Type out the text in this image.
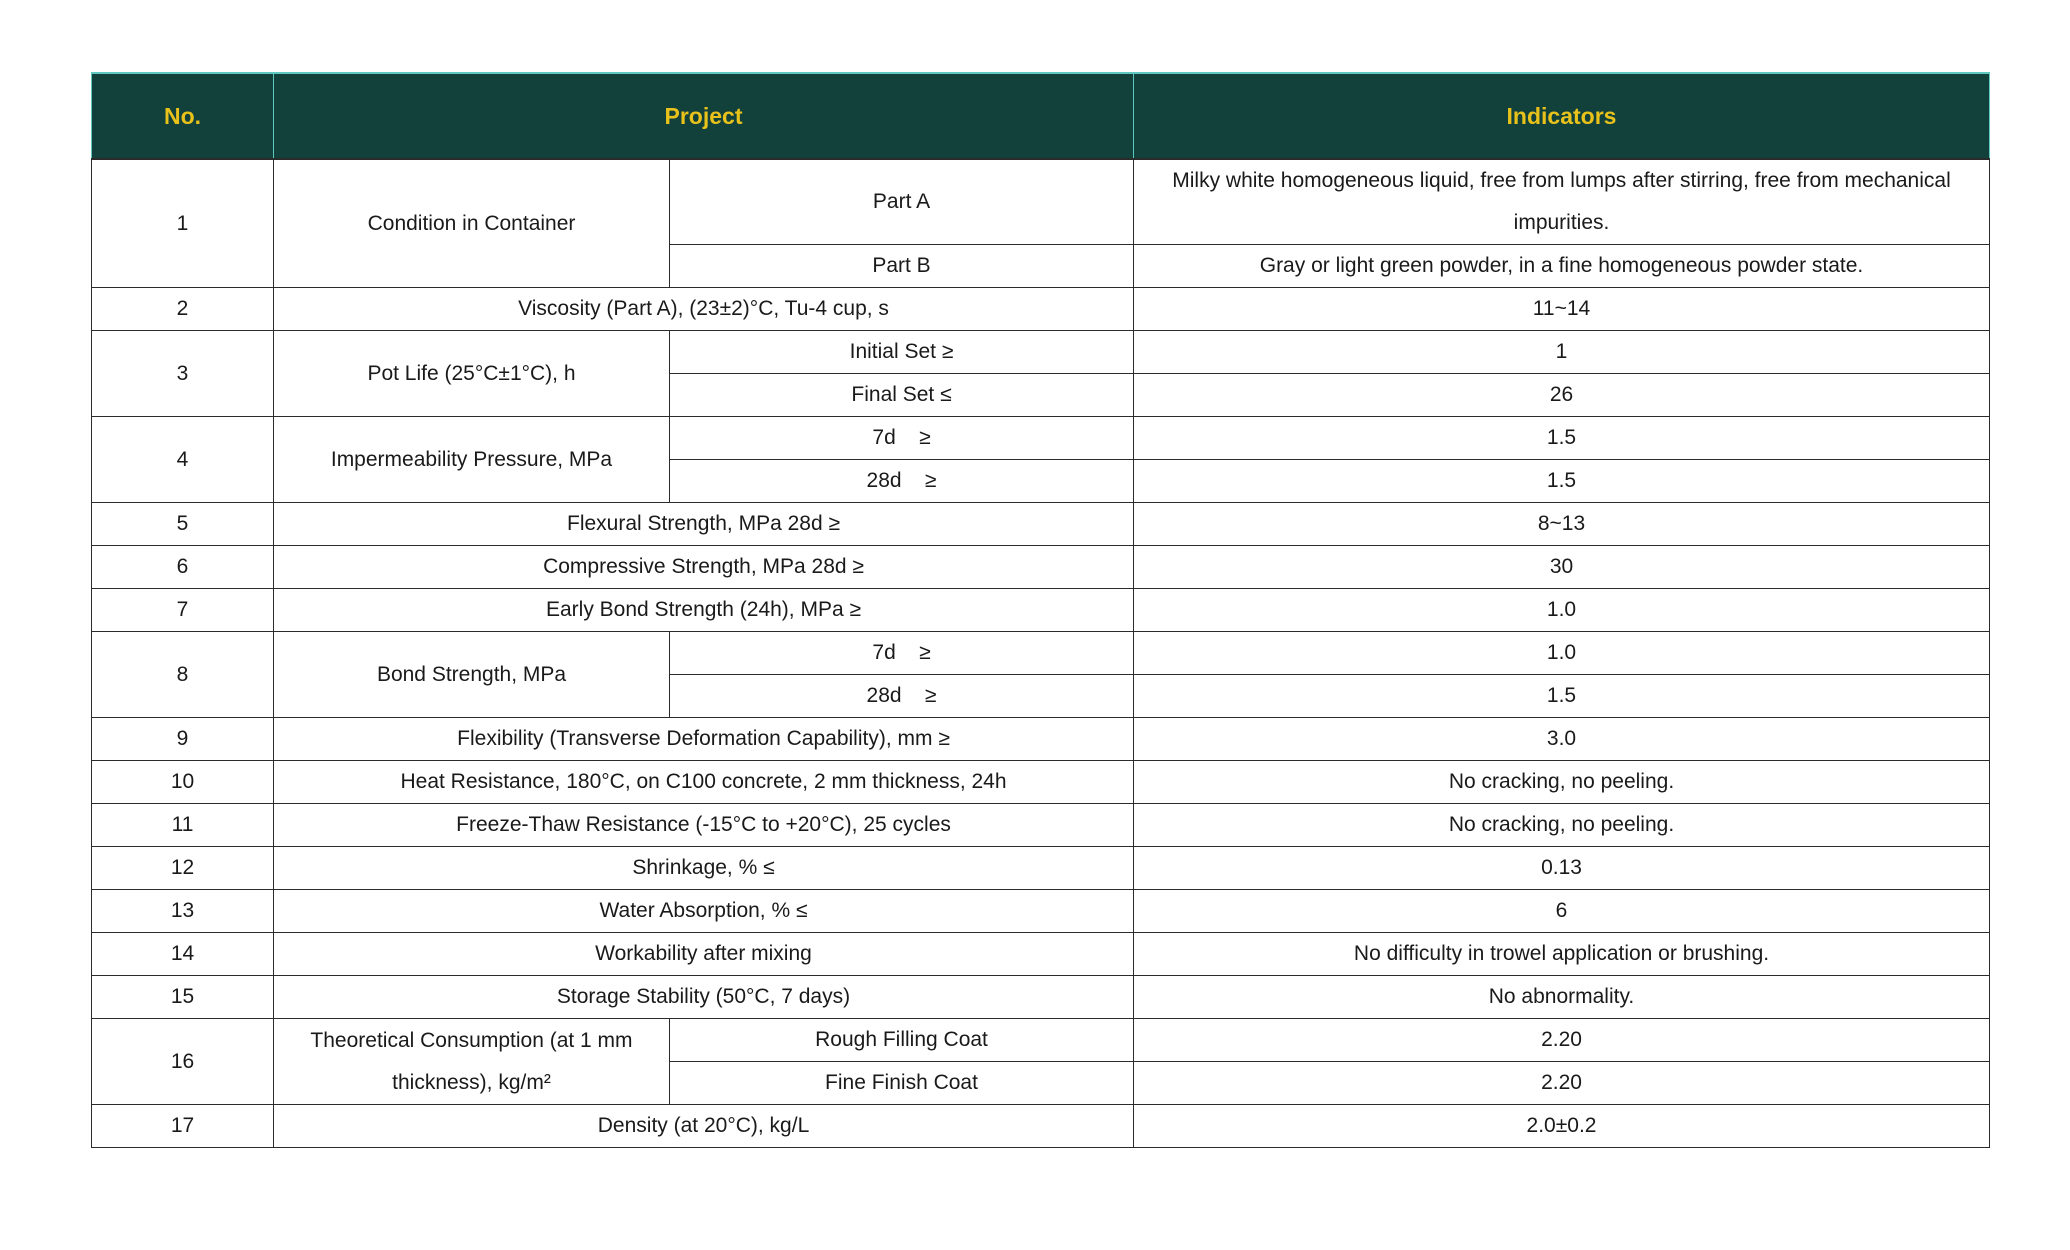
No.	Project		Indicators
1	Condition in Container	Part A	Milky white homogeneous liquid, free from lumps after stirring, free from mechanical impurities.
		Part B	Gray or light green powder, in a fine homogeneous powder state.
2	Viscosity (Part A), (23±2)°C, Tu-4 cup, s		11~14
3	Pot Life (25°C±1°C), h	Initial Set ≥	1
		Final Set ≤	26
4	Impermeability Pressure, MPa	7d    ≥	1.5
		28d    ≥	1.5
5	Flexural Strength, MPa 28d ≥		8~13
6	Compressive Strength, MPa 28d ≥		30
7	Early Bond Strength (24h), MPa ≥		1.0
8	Bond Strength, MPa	7d    ≥	1.0
		28d    ≥	1.5
9	Flexibility (Transverse Deformation Capability), mm ≥		3.0
10	Heat Resistance, 180°C, on C100 concrete, 2 mm thickness, 24h		No cracking, no peeling.
11	Freeze-Thaw Resistance (-15°C to +20°C), 25 cycles		No cracking, no peeling.
12	Shrinkage, % ≤		0.13
13	Water Absorption, % ≤		6
14	Workability after mixing		No difficulty in trowel application or brushing.
15	Storage Stability (50°C, 7 days)		No abnormality.
16	Theoretical Consumption (at 1 mm thickness), kg/m²	Rough Filling Coat	2.20
		Fine Finish Coat	2.20
17	Density (at 20°C), kg/L		2.0±0.2
